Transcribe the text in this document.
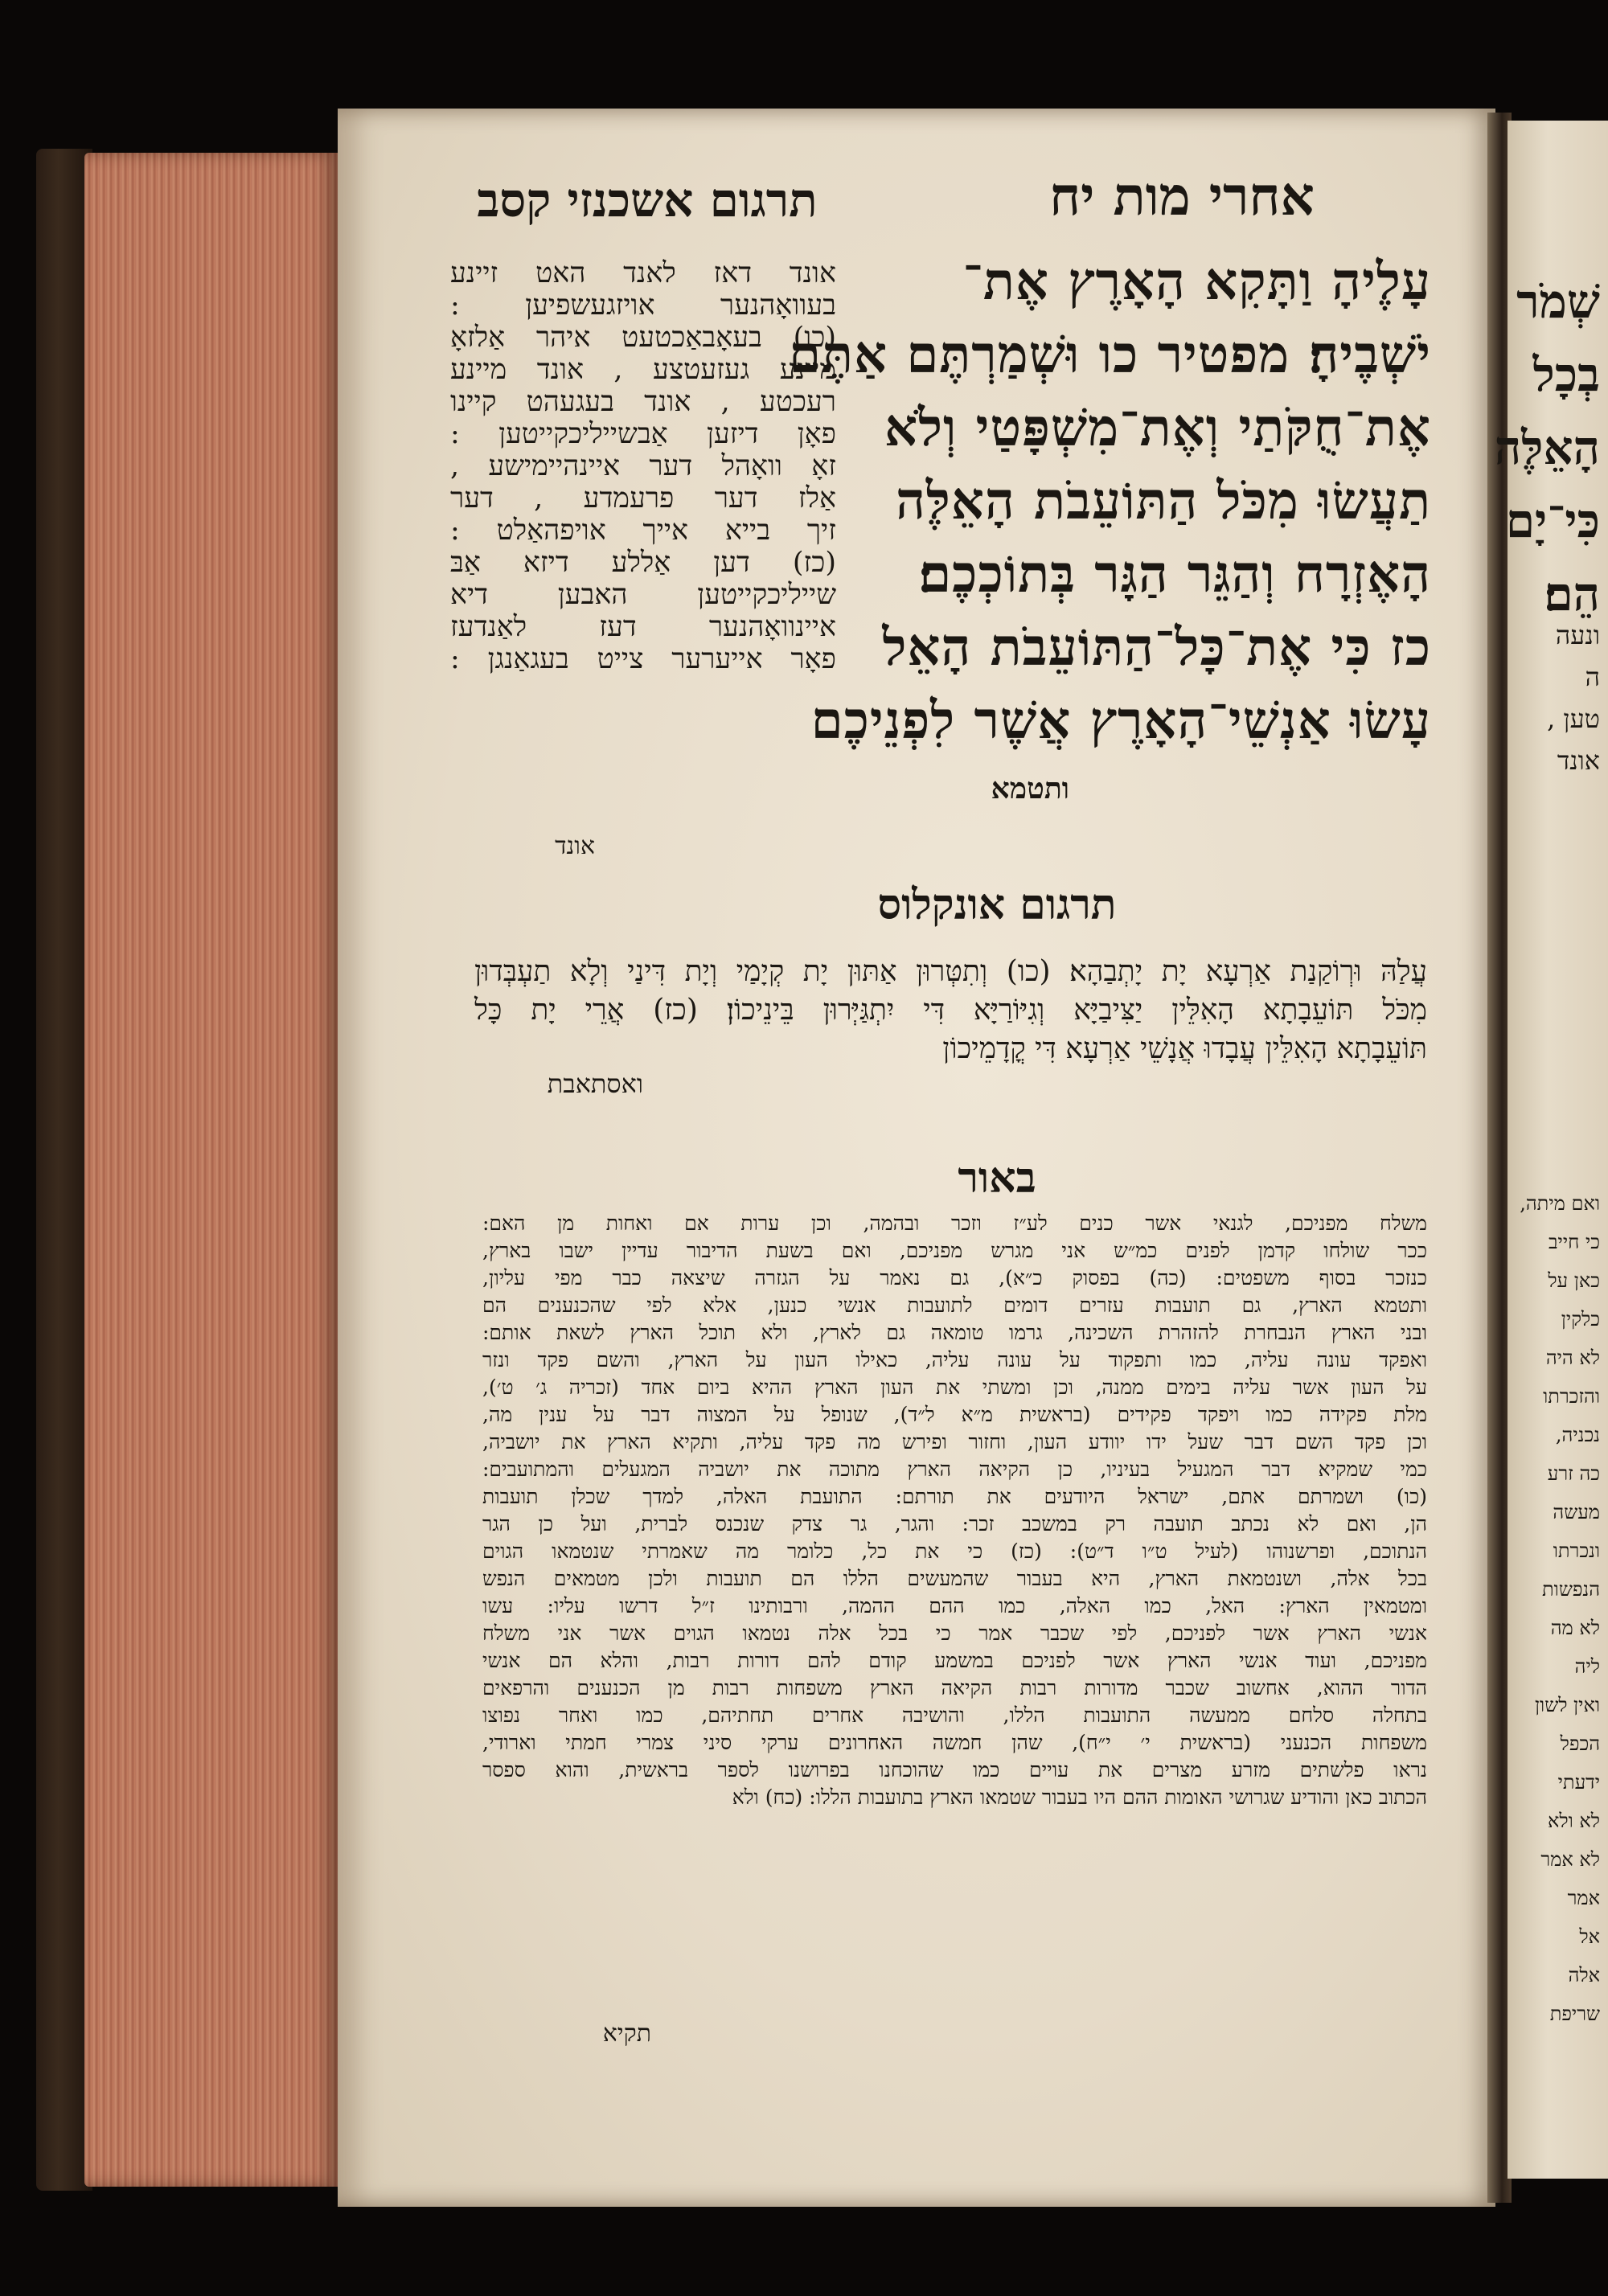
שְׁמֹר
בְכָל
הָאֵלֶּה
כִּי־יָם
הֵם׃
ונעה
ה
טען ,
אונד
ואם מיתה,
כי חייב
כאן על
כלקין
לא היה
והזכרתו
נכניה,
כה זרע
מעשה
ונכרתו
הנפשות
לא מה
ליה
ואין לשון
הכפל
ידעתי
לא ולא
לא אמר
אמר
אל
אלה
שריפת
אחרי מות יח
תרגום אשכנזי קסב
עָלֶיהָ וַתָּקִא הָאָרֶץ אֶת־
יֹשְׁבֶיהָ׃ מפטיר כו וּשְׁמַרְתֶּם אַתֶּם
אֶת־חֻקֹּתַי וְאֶת־מִשְׁפָּטַי וְלֹא
תַעֲשׂוּ מִכֹּל הַתּוֹעֵבֹת הָאֵלֶּה
הָאֶזְרָח וְהַגֵּר הַגָּר בְּתוֹכְכֶם׃
כז כִּי אֶת־כָּל־הַתּוֹעֵבֹת הָאֵל
עָשׂוּ אַנְשֵׁי־הָאָרֶץ אֲשֶׁר לִפְנֵיכֶם
ותטמא
אונד דאז לאנד האט זיינע
בעוואָהנער אויזגעשפיען :
(כו) בעאָבאַכטעט איהר אַלזאָ
מיינע געזעטצע , אונד מיינע
רעכטע , אונד בעגעהט קיינו
פאָן דיזען אַבשייליכקייטען :
זאָ וואָהל דער איינהיימישע ,
אַלז דער פרעמדע , דער
זיך בייא אייך אויפהאַלט :
(כז) דען אַללע דיזא אַבּ
שייליכקייטען האבען דיא
איינוואָהנער דעז לאַנדעז
פאָר אייערער צייט בעגאַנגן :
אונד
תרגום אונקלוס
עֲלַהּ וּרְוֹקַנַת אַרְעָא יָת יָתְבַהָא׃ (כו) וְתִטְּרוּן אַתּוּן יָת קְיָמַי וְיָת דִּינַי וְלָא תַעְבְּדוּן
מִכֹּל תּוֹעֵבָתָא הָאִלֵּין יַצִּיבַיָּא וְגִיּוֹרַיָּא דִּי יִתְגַּיְּרוּן בֵּינֵיכוֹן׃ (כז) אֲרֵי יָת כָּל
תּוֹעֵבָתָא הָאִלֵּין עֲבָדוּ אֲנָשֵׁי אַרְעָא דִּי קֳדָמֵיכוֹן
ואסתאבת
באור
משלח מפניכם, לגנאי אשר כנים לע״ז וזכר ובהמה, וכן ערות אם ואחות מן האם:
ככר שולחו קדמן לפנים כמ״ש אני מגרש מפניכם, ואם בשעת הדיבור עדיין ישבו בארץ,
כנזכר בסוף משפטים: (כה) בפסוק כ״א), גם נאמר על הגזרה שיצאה כבר מפי עליון,
ותטמא הארץ, גם תועבות עזרים דומים לתועבות אנשי כנען, אלא לפי שהכנענים הם
ובני הארץ הנבחרת להזהרת השכינה, גרמו טומאה גם לארץ, ולא תוכל הארץ לשאת אותם:
ואפקד עונה עליה, כמו ותפקוד על עונה עליה, כאילו העון על הארץ, והשם פקד ונזר
על העון אשר עליה בימים ממנה, וכן ומשתי את העון הארץ ההיא ביום אחד (זכריה ג׳ ט׳),
מלת פקידה כמו ויפקד פקידים (בראשית מ״א ל״ד), שנופל על המצוה דבר על ענין מה,
וכן פקד השם דבר שעל ידו יוודע העון, וחזור ופירש מה פקד עליה, ותקיא הארץ את יושביה,
כמי שמקיא דבר המגעיל בעיניו, כן הקיאה הארץ מתוכה את יושביה המגעלים והמתועבים:
(כו) ושמרתם אתם, ישראל היודעים את תורתם: התועבת האלה, למדך שכלן תועבות
הן, ואם לא נכתב תועבה רק במשכב זכר: והגר, גר צדק שנכנס לברית, ועל כן הגר
הנתוכם, ופרשנוהו (לעיל ט״ו ד״ט): (כז) כי את כל, כלומר מה שאמרתי שנטמאו הגוים
בכל אלה, ושנטמאת הארץ, היא בעבור שהמעשים הללו הם תועבות ולכן מטמאים הנפש
ומטמאין הארץ: האל, כמו האלה, כמו ההם ההמה, ורבותינו ז״ל דרשו עליו: עשו
אנשי הארץ אשר לפניכם, לפי שכבר אמר כי בכל אלה נטמאו הגוים אשר אני משלח
מפניכם, ועוד אנשי הארץ אשר לפניכם במשמע קודם להם דורות רבות, והלא הם אנשי
הדור ההוא, אחשוב שכבר מדורות רבות הקיאה הארץ משפחות רבות מן הכנענים והרפאים
בתחלה סלחם ממעשה התועבות הללו, והושיבה אחרים תחתיהם, כמו ואחר נפוצו
משפחות הכנעני (בראשית י׳ י״ח), שהן חמשה האחרונים ערקי סיני צמרי חמתי וארודי,
נראו פלשתים מזרע מצרים את עויים כמו שהוכחנו בפרושנו לספר בראשית, והוא ספסר
הכתוב כאן והודיע שגרושי האומות ההם היו בעבור שטמאו הארץ בתועבות הללו: (כח) ולא
תקיא
